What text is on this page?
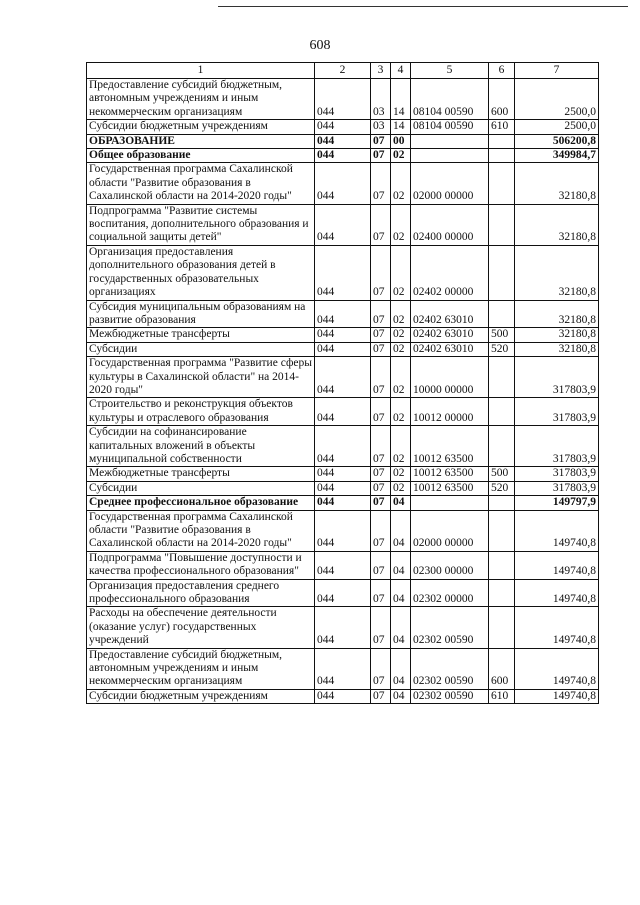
608
1	2	3	4	5	6	7
Предоставление субсидий бюджетным, автономным учреждениям и иным некоммерческим организациям	044	03	14	08104 00590	600	2500,0
Субсидии бюджетным учреждениям	044	03	14	08104 00590	610	2500,0
ОБРАЗОВАНИЕ	044	07	00			506200,8
Общее образование	044	07	02			349984,7
Государственная программа Сахалинской области "Развитие образования в Сахалинской области на 2014-2020 годы"	044	07	02	02000 00000		32180,8
Подпрограмма "Развитие системы воспитания, дополнительного образования и социальной защиты детей"	044	07	02	02400 00000		32180,8
Организация предоставления дополнительного образования детей в государственных образовательных организациях	044	07	02	02402 00000		32180,8
Субсидия муниципальным образованиям на развитие образования	044	07	02	02402 63010		32180,8
Межбюджетные трансферты	044	07	02	02402 63010	500	32180,8
Субсидии	044	07	02	02402 63010	520	32180,8
Государственная программа "Развитие сферы культуры в Сахалинской области" на 2014-2020 годы"	044	07	02	10000 00000		317803,9
Строительство и реконструкция объектов культуры и отраслевого образования	044	07	02	10012 00000		317803,9
Субсидии на софинансирование капитальных вложений в объекты муниципальной собственности	044	07	02	10012 63500		317803,9
Межбюджетные трансферты	044	07	02	10012 63500	500	317803,9
Субсидии	044	07	02	10012 63500	520	317803,9
Среднее профессиональное образование	044	07	04			149797,9
Государственная программа Сахалинской области "Развитие образования в Сахалинской области на 2014-2020 годы"	044	07	04	02000 00000		149740,8
Подпрограмма "Повышение доступности и качества профессионального образования"	044	07	04	02300 00000		149740,8
Организация предоставления среднего профессионального образования	044	07	04	02302 00000		149740,8
Расходы на обеспечение деятельности (оказание услуг) государственных учреждений	044	07	04	02302 00590		149740,8
Предоставление субсидий бюджетным, автономным учреждениям и иным некоммерческим организациям	044	07	04	02302 00590	600	149740,8
Субсидии бюджетным учреждениям	044	07	04	02302 00590	610	149740,8
